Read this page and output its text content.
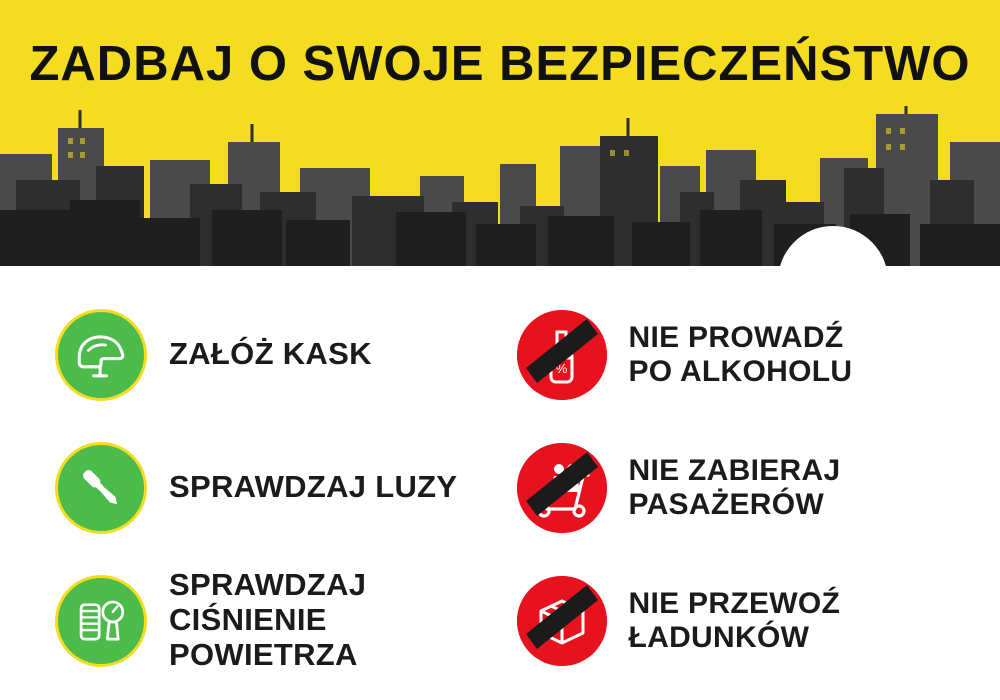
ZADBAJ O SWOJE BEZPIECZEŃSTWO
ZAŁÓŻ KASK
SPRAWDZAJ LUZY
SPRAWDZAJ
CIŚNIENIE POWIETRZA
%
NIE PROWADŹ
PO ALKOHOLU
NIE ZABIERAJ
PASAŻERÓW
NIE PRZEWOŹ
ŁADUNKÓW
